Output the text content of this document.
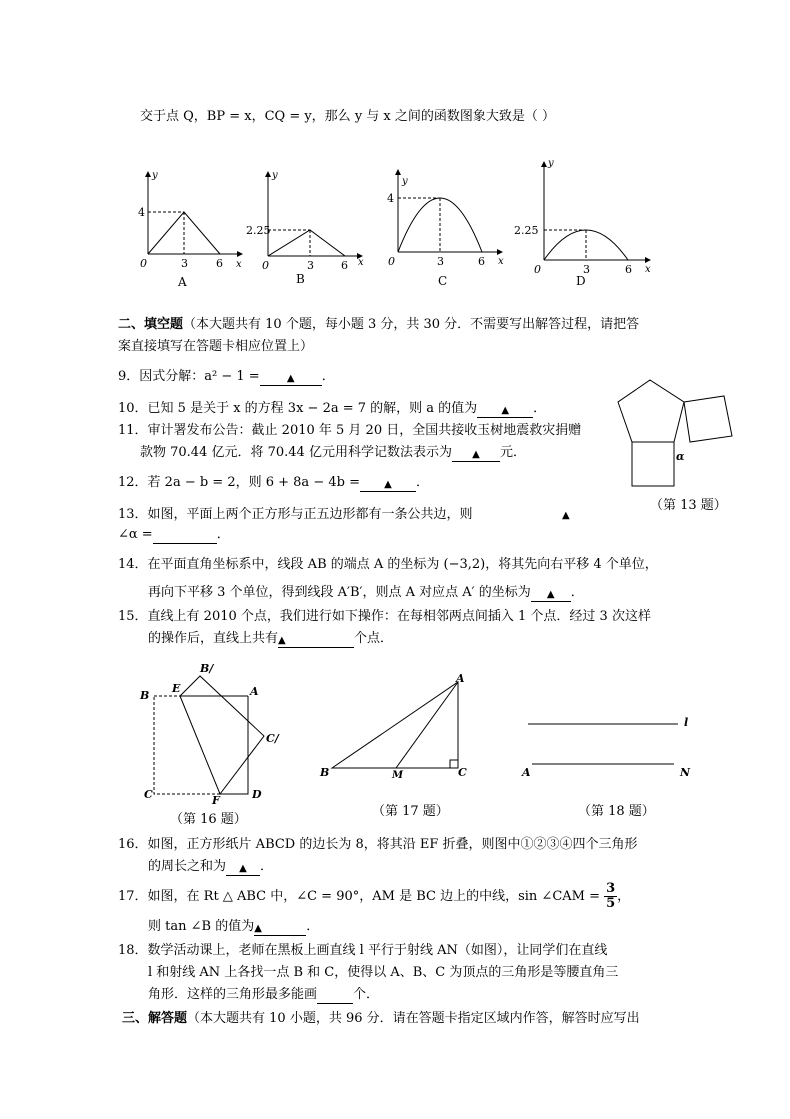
交于点 Q，BP = x，CQ = y，那么 y 与 x 之间的函数图象大致是（ ）
4
0	3	6 x
y
A
2.25
0	3 6 x
y
B
4
0	3	6 x
y
C
2.25
0	3	6 x
y
D
二、填空题（本大题共有 10 个题，每小题 3 分，共 30 分．不需要写出解答过程，请把答
案直接填写在答题卡相应位置上）
9．因式分解：a² − 1 =	▲ ．
10．已知 5 是关于 x 的方程 3x − 2a = 7 的解，则 a 的值为 ▲ ．
11．审计署发布公告：截止 2010 年 5 月 20 日，全国共接收玉树地震救灾捐赠
款物 70.44 亿元．将 70.44 亿元用科学记数法表示为 ▲ 元．
12．若 2a − b = 2，则 6 + 8a − 4b = ▲ ．
13．如图，平面上两个正方形与正五边形都有一条公共边，则	▲
∠α =	．
α
（第 13 题）
14．在平面直角坐标系中，线段 AB 的端点 A 的坐标为 (−3,2)，将其先向右平移 4 个单位，
再向下平移 3 个单位，得到线段 A′B′，则点 A 对应点 A′ 的坐标为 ▲ ．
15．直线上有 2010 个点，我们进行如下操作：在每相邻两点间插入 1 个点．经过 3 次这样
的操作后，直线上共有▲	个点．
B/
B
E	A
C/
C	F	D
（第 16 题）
A
B	M	C
（第 17 题）
l
A	N
（第 18 题）
16．如图，正方形纸片 ABCD 的边长为 8，将其沿 EF 折叠，则图中①②③④四个三角形
的周长之和为 ▲ ．
17．如图，在 Rt △ ABC 中，∠C = 90°，AM 是 BC 边上的中线，sin ∠CAM = $\frac{3}{5}$ ，
则 tan ∠B 的值为▲	．
18．数学活动课上，老师在黑板上画直线 l 平行于射线 AN（如图），让同学们在直线
l 和射线 AN 上各找一点 B 和 C，使得以 A、B、C 为顶点的三角形是等腰直角三
角形．这样的三角形最多能画	个．
三、解答题（本大题共有 10 小题，共 96 分．请在答题卡指定区域内作答，解答时应写出
